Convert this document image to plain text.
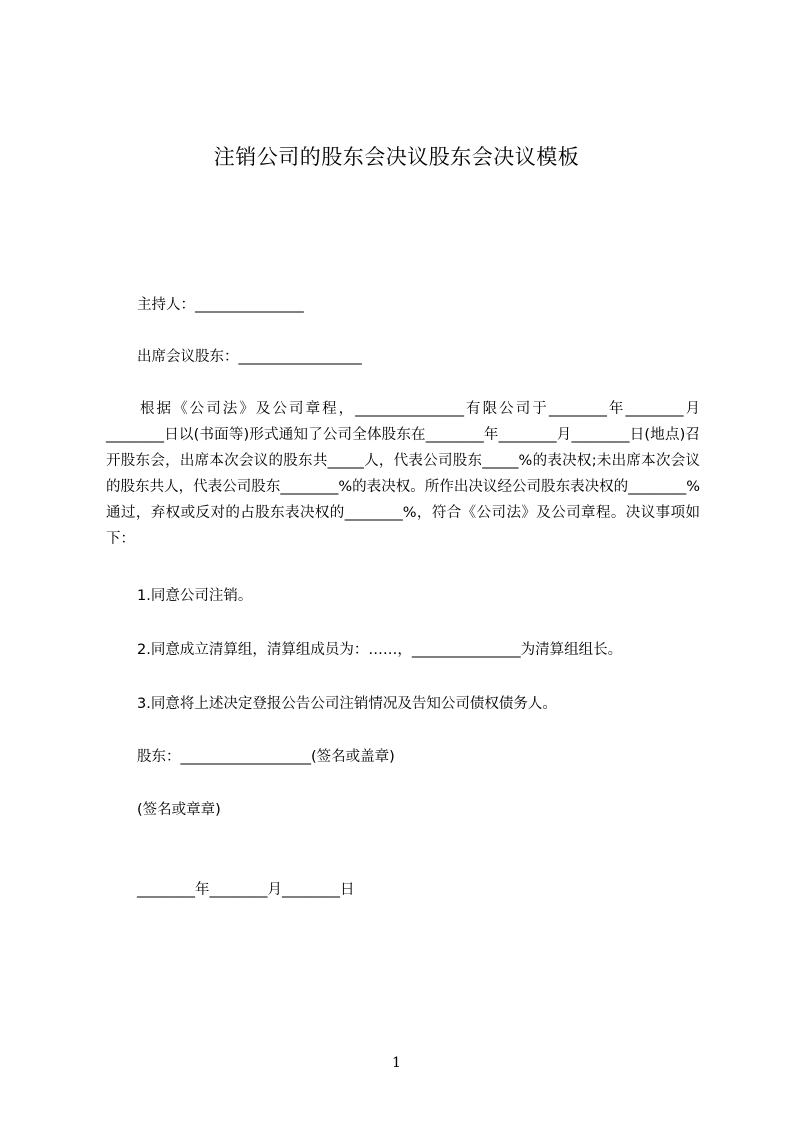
注销公司的股东会决议股东会决议模板
主持人：_______________
出席会议股东：_________________
根据《公司法》及公司章程，_______________有限公司于________年________月________日以(书面等)形式通知了公司全体股东在________年________月________日(地点)召开股东会，出席本次会议的股东共_____人，代表公司股东_____%的表决权;未出席本次会议的股东共人，代表公司股东________%的表决权。所作出决议经公司股东表决权的________%通过，弃权或反对的占股东表决权的________%，符合《公司法》及公司章程。决议事项如下：
1.同意公司注销。
2.同意成立清算组，清算组成员为：……，_______________为清算组组长。
3.同意将上述决定登报公告公司注销情况及告知公司债权债务人。
股东：__________________(签名或盖章)
(签名或章章)
________年________月________日
1
